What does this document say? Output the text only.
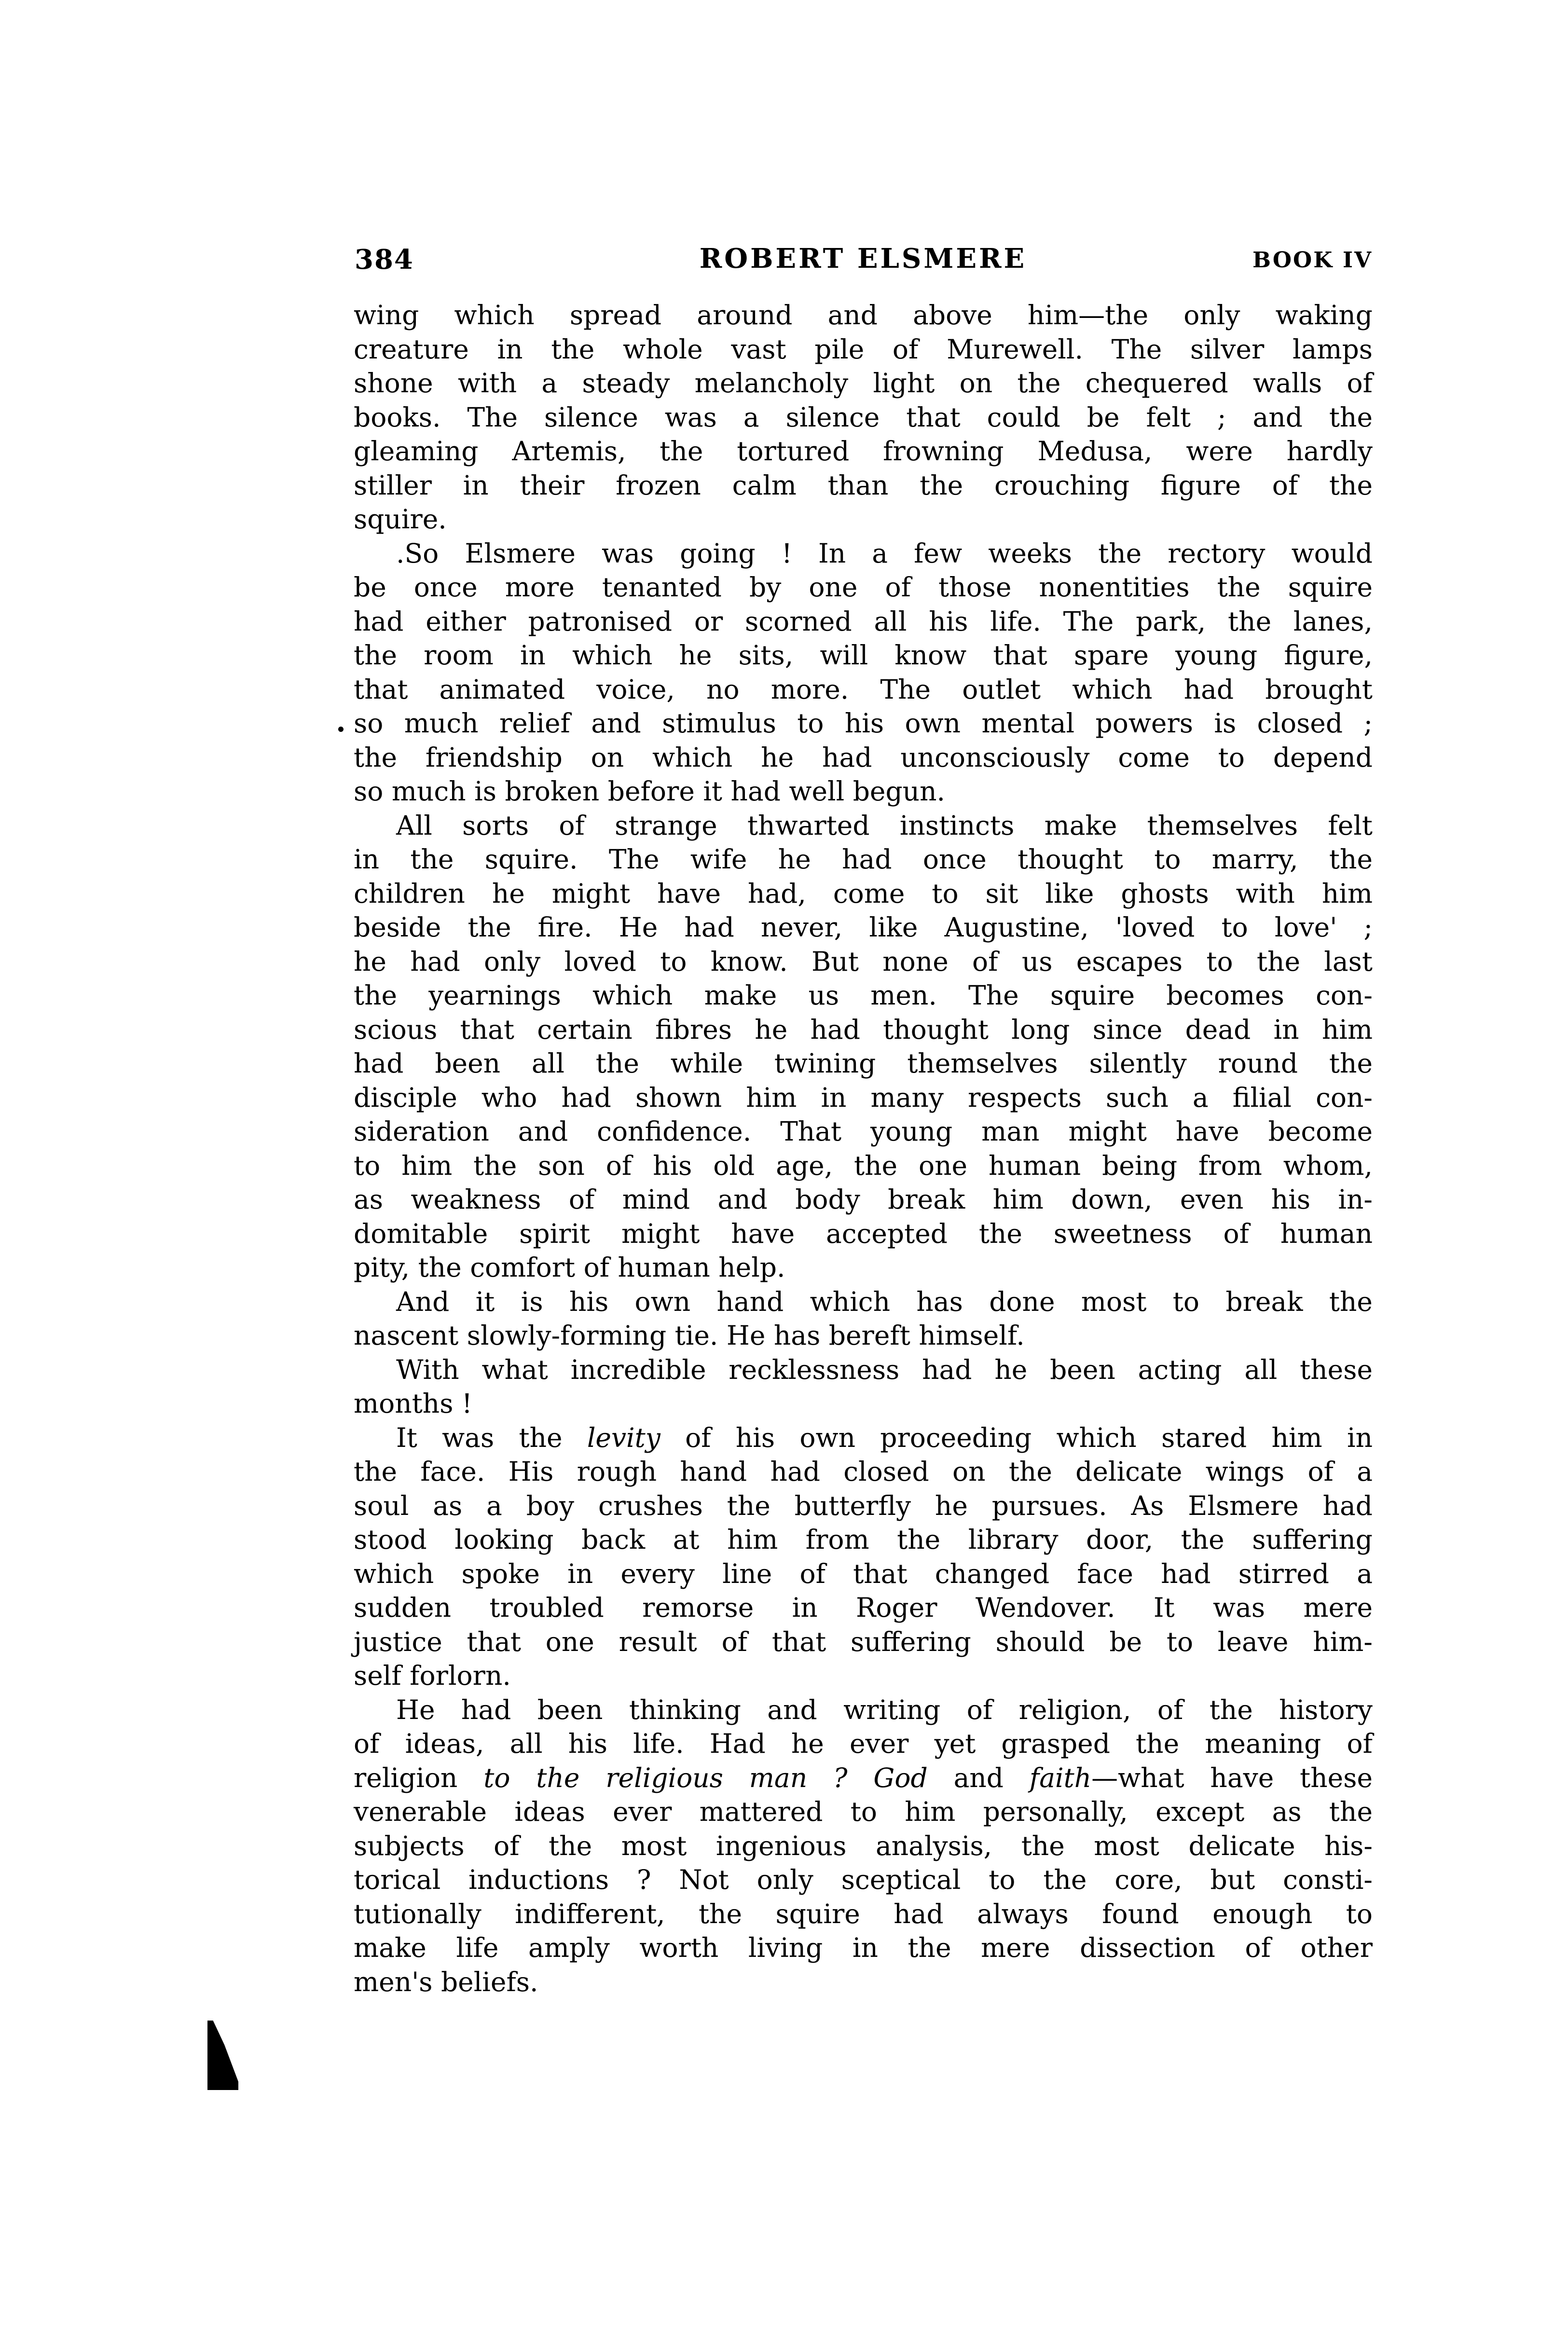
384	ROBERT ELSMERE	BOOK IV
wing which spread around and above him—the only waking
creature in the whole vast pile of Murewell. The silver lamps
shone with a steady melancholy light on the chequered walls of
books. The silence was a silence that could be felt ; and the
gleaming Artemis, the tortured frowning Medusa, were hardly
stiller in their frozen calm than the crouching figure of the
squire.
.So Elsmere was going ! In a few weeks the rectory would
be once more tenanted by one of those nonentities the squire
had either patronised or scorned all his life. The park, the lanes,
the room in which he sits, will know that spare young figure,
that animated voice, no more. The outlet which had brought
so much relief and stimulus to his own mental powers is closed ;
the friendship on which he had unconsciously come to depend
so much is broken before it had well begun.
All sorts of strange thwarted instincts make themselves felt
in the squire. The wife he had once thought to marry, the
children he might have had, come to sit like ghosts with him
beside the fire. He had never, like Augustine, 'loved to love' ;
he had only loved to know. But none of us escapes to the last
the yearnings which make us men. The squire becomes con-
scious that certain fibres he had thought long since dead in him
had been all the while twining themselves silently round the
disciple who had shown him in many respects such a filial con-
sideration and confidence. That young man might have become
to him the son of his old age, the one human being from whom,
as weakness of mind and body break him down, even his in-
domitable spirit might have accepted the sweetness of human
pity, the comfort of human help.
And it is his own hand which has done most to break the
nascent slowly-forming tie. He has bereft himself.
With what incredible recklessness had he been acting all these
months !
It was the levity of his own proceeding which stared him in
the face. His rough hand had closed on the delicate wings of a
soul as a boy crushes the butterfly he pursues. As Elsmere had
stood looking back at him from the library door, the suffering
which spoke in every line of that changed face had stirred a
sudden troubled remorse in Roger Wendover. It was mere
justice that one result of that suffering should be to leave him-
self forlorn.
He had been thinking and writing of religion, of the history
of ideas, all his life. Had he ever yet grasped the meaning of
religion to the religious man ? God and faith—what have these
venerable ideas ever mattered to him personally, except as the
subjects of the most ingenious analysis, the most delicate his-
torical inductions ? Not only sceptical to the core, but consti-
tutionally indifferent, the squire had always found enough to
make life amply worth living in the mere dissection of other
men's beliefs.
